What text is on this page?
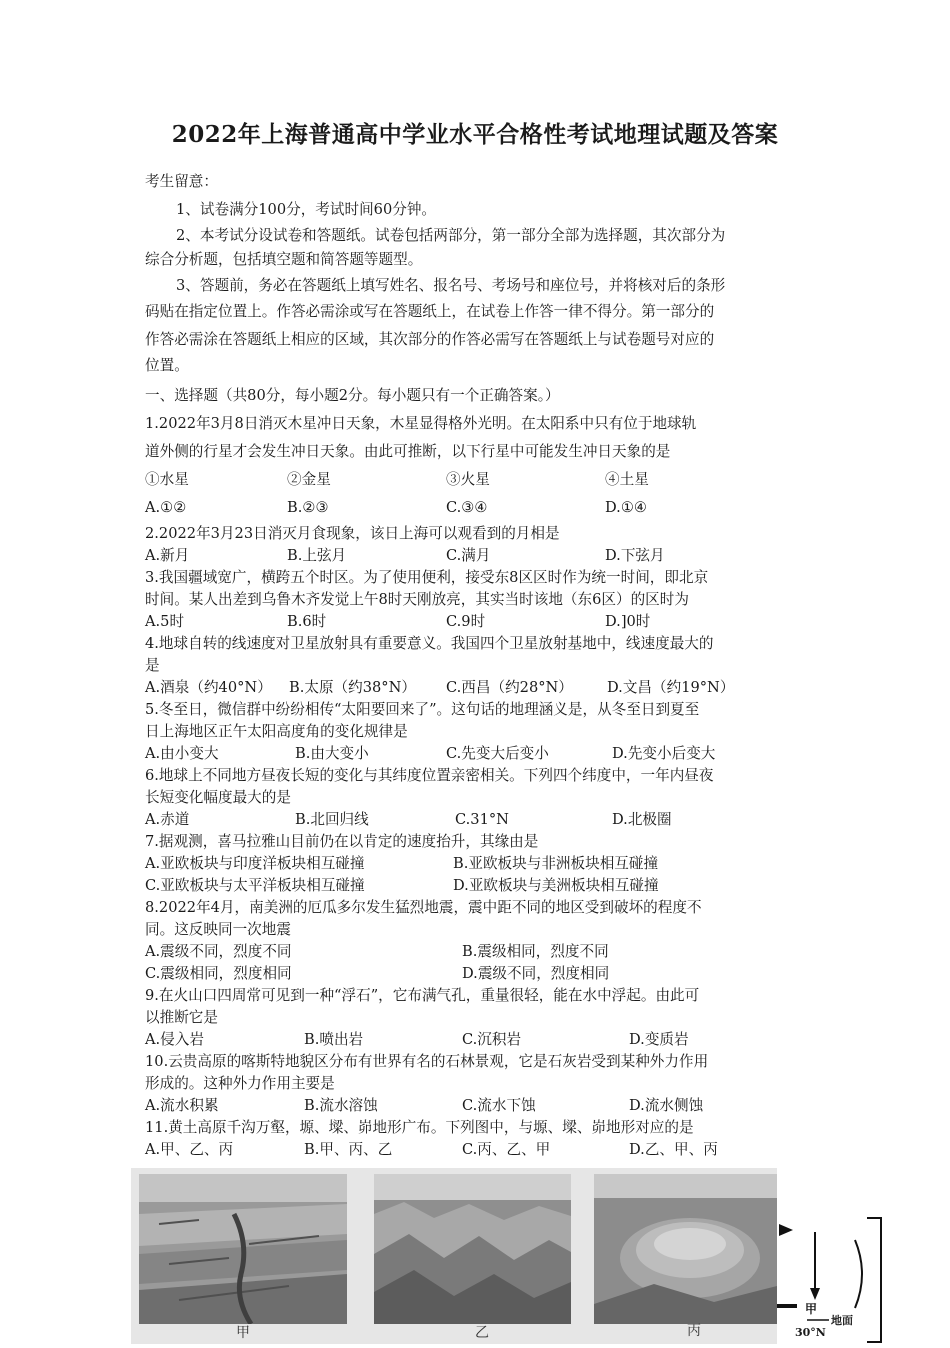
2022年上海普通高中学业水平合格性考试地理试题及答案
考生留意：
1、试卷满分100分，考试时间60分钟。
2、本考试分设试卷和答题纸。试卷包括两部分，第一部分全部为选择题，其次部分为
综合分析题，包括填空题和简答题等题型。
3、答题前，务必在答题纸上填写姓名、报名号、考场号和座位号，并将核对后的条形
码贴在指定位置上。作答必需涂或写在答题纸上，在试卷上作答一律不得分。第一部分的
作答必需涂在答题纸上相应的区域，其次部分的作答必需写在答题纸上与试卷题号对应的
位置。
一、选择题（共80分，每小题2分。每小题只有一个正确答案。）
1.2022年3月8日消灭木星冲日天象，木星显得格外光明。在太阳系中只有位于地球轨
道外侧的行星才会发生冲日天象。由此可推断，以下行星中可能发生冲日天象的是
①水星	②金星	③火星	④土星
A.①②	B.②③	C.③④	D.①④
2.2022年3月23日消灭月食现象，该日上海可以观看到的月相是
A.新月	B.上弦月	C.满月	D.下弦月
3.我国疆域宽广，横跨五个时区。为了使用便利，接受东8区区时作为统一时间，即北京
时间。某人出差到乌鲁木齐发觉上午8时天刚放亮，其实当时该地（东6区）的区时为
A.5时	B.6时	C.9时	D.]0时
4.地球自转的线速度对卫星放射具有重要意义。我国四个卫星放射基地中，线速度最大的
是
A.酒泉（约40°N） B.太原（约38°N） C.西昌（约28°N） D.文昌（约19°N）
5.冬至日，微信群中纷纷相传“太阳要回来了”。这句话的地理涵义是，从冬至日到夏至
日上海地区正午太阳高度角的变化规律是
A.由小变大	B.由大变小	C.先变大后变小	D.先变小后变大
6.地球上不同地方昼夜长短的变化与其纬度位置亲密相关。下列四个纬度中，一年内昼夜
长短变化幅度最大的是
A.赤道	B.北回归线	C.31°N	D.北极圈
7.据观测，喜马拉雅山目前仍在以肯定的速度抬升，其缘由是
A.亚欧板块与印度洋板块相互碰撞	B.亚欧板块与非洲板块相互碰撞
C.亚欧板块与太平洋板块相互碰撞	D.亚欧板块与美洲板块相互碰撞
8.2022年4月，南美洲的厄瓜多尔发生猛烈地震，震中距不同的地区受到破坏的程度不
同。这反映同一次地震
A.震级不同，烈度不同	B.震级相同，烈度不同
C.震级相同，烈度相同	D.震级不同，烈度相同
9.在火山口四周常可见到一种“浮石”，它布满气孔，重量很轻，能在水中浮起。由此可
以推断它是
A.侵入岩	B.喷出岩	C.沉积岩	D.变质岩
10.云贵高原的喀斯特地貌区分布有世界有名的石林景观，它是石灰岩受到某种外力作用
形成的。这种外力作用主要是
A.流水积累	B.流水溶蚀	C.流水下蚀	D.流水侧蚀
11.黄土高原千沟万壑，塬、墚、峁地形广布。下列图中，与塬、墚、峁地形对应的是
A.甲、乙、丙	B.甲、丙、乙	C.丙、乙、甲	D.乙、甲、丙
甲	乙	丙
甲
地面
30°N
